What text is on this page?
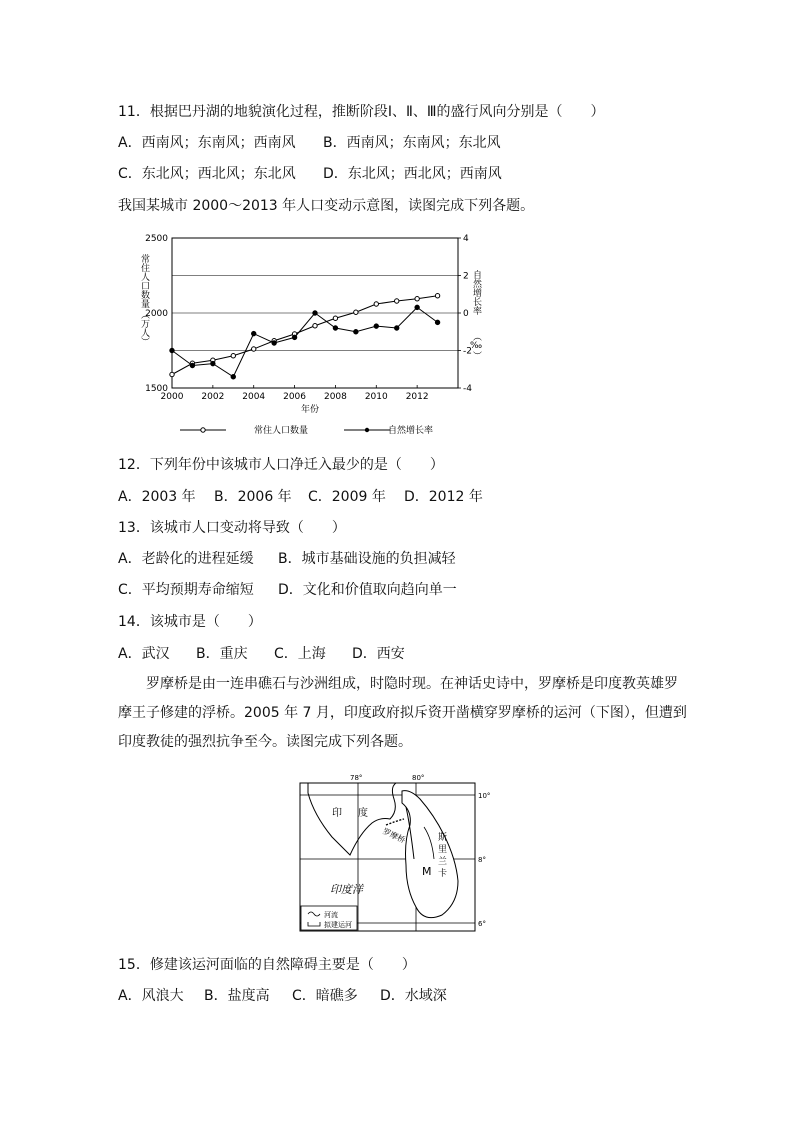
11．根据巴丹湖的地貌演化过程，推断阶段Ⅰ、Ⅱ、Ⅲ的盛行风向分别是（　　）
A．西南风；东南风；西南风 B．西南风；东南风；东北风
C．东北风；西北风；东北风 D．东北风；西北风；西南风
我国某城市 2000～2013 年人口变动示意图，读图完成下列各题。
2000 2002 2004 2006 2008 2010 2012
1500
2000
2500
-4
-2
0
2
4
年份
常住人口数量
（万人）
自然增长率
（‰）
常住人口数量	自然增长率
12．下列年份中该城市人口净迁入最少的是（　　）
A．2003 年 B．2006 年 C．2009 年 D．2012 年
13．该城市人口变动将导致（　　）
A．老龄化的进程延缓 B．城市基础设施的负担减轻
C．平均预期寿命缩短 D．文化和价值取向趋向单一
14．该城市是（　　）
A．武汉 B．重庆 C．上海 D．西安

罗摩桥是由一连串礁石与沙洲组成，时隐时现。在神话史诗中，罗摩桥是印度教英雄罗摩王子修建的浮桥。2005 年 7 月，印度政府拟斥资开凿横穿罗摩桥的运河（下图），但遭到印度教徒的强烈抗争至今。读图完成下列各题。

78°	80°
10°
8°
6°
印 度
罗摩桥	斯
里
兰
卡
M
印度洋
河流
拟建运河
15．修建该运河面临的自然障碍主要是（　　）
A．风浪大 B．盐度高 C．暗礁多 D．水域深
